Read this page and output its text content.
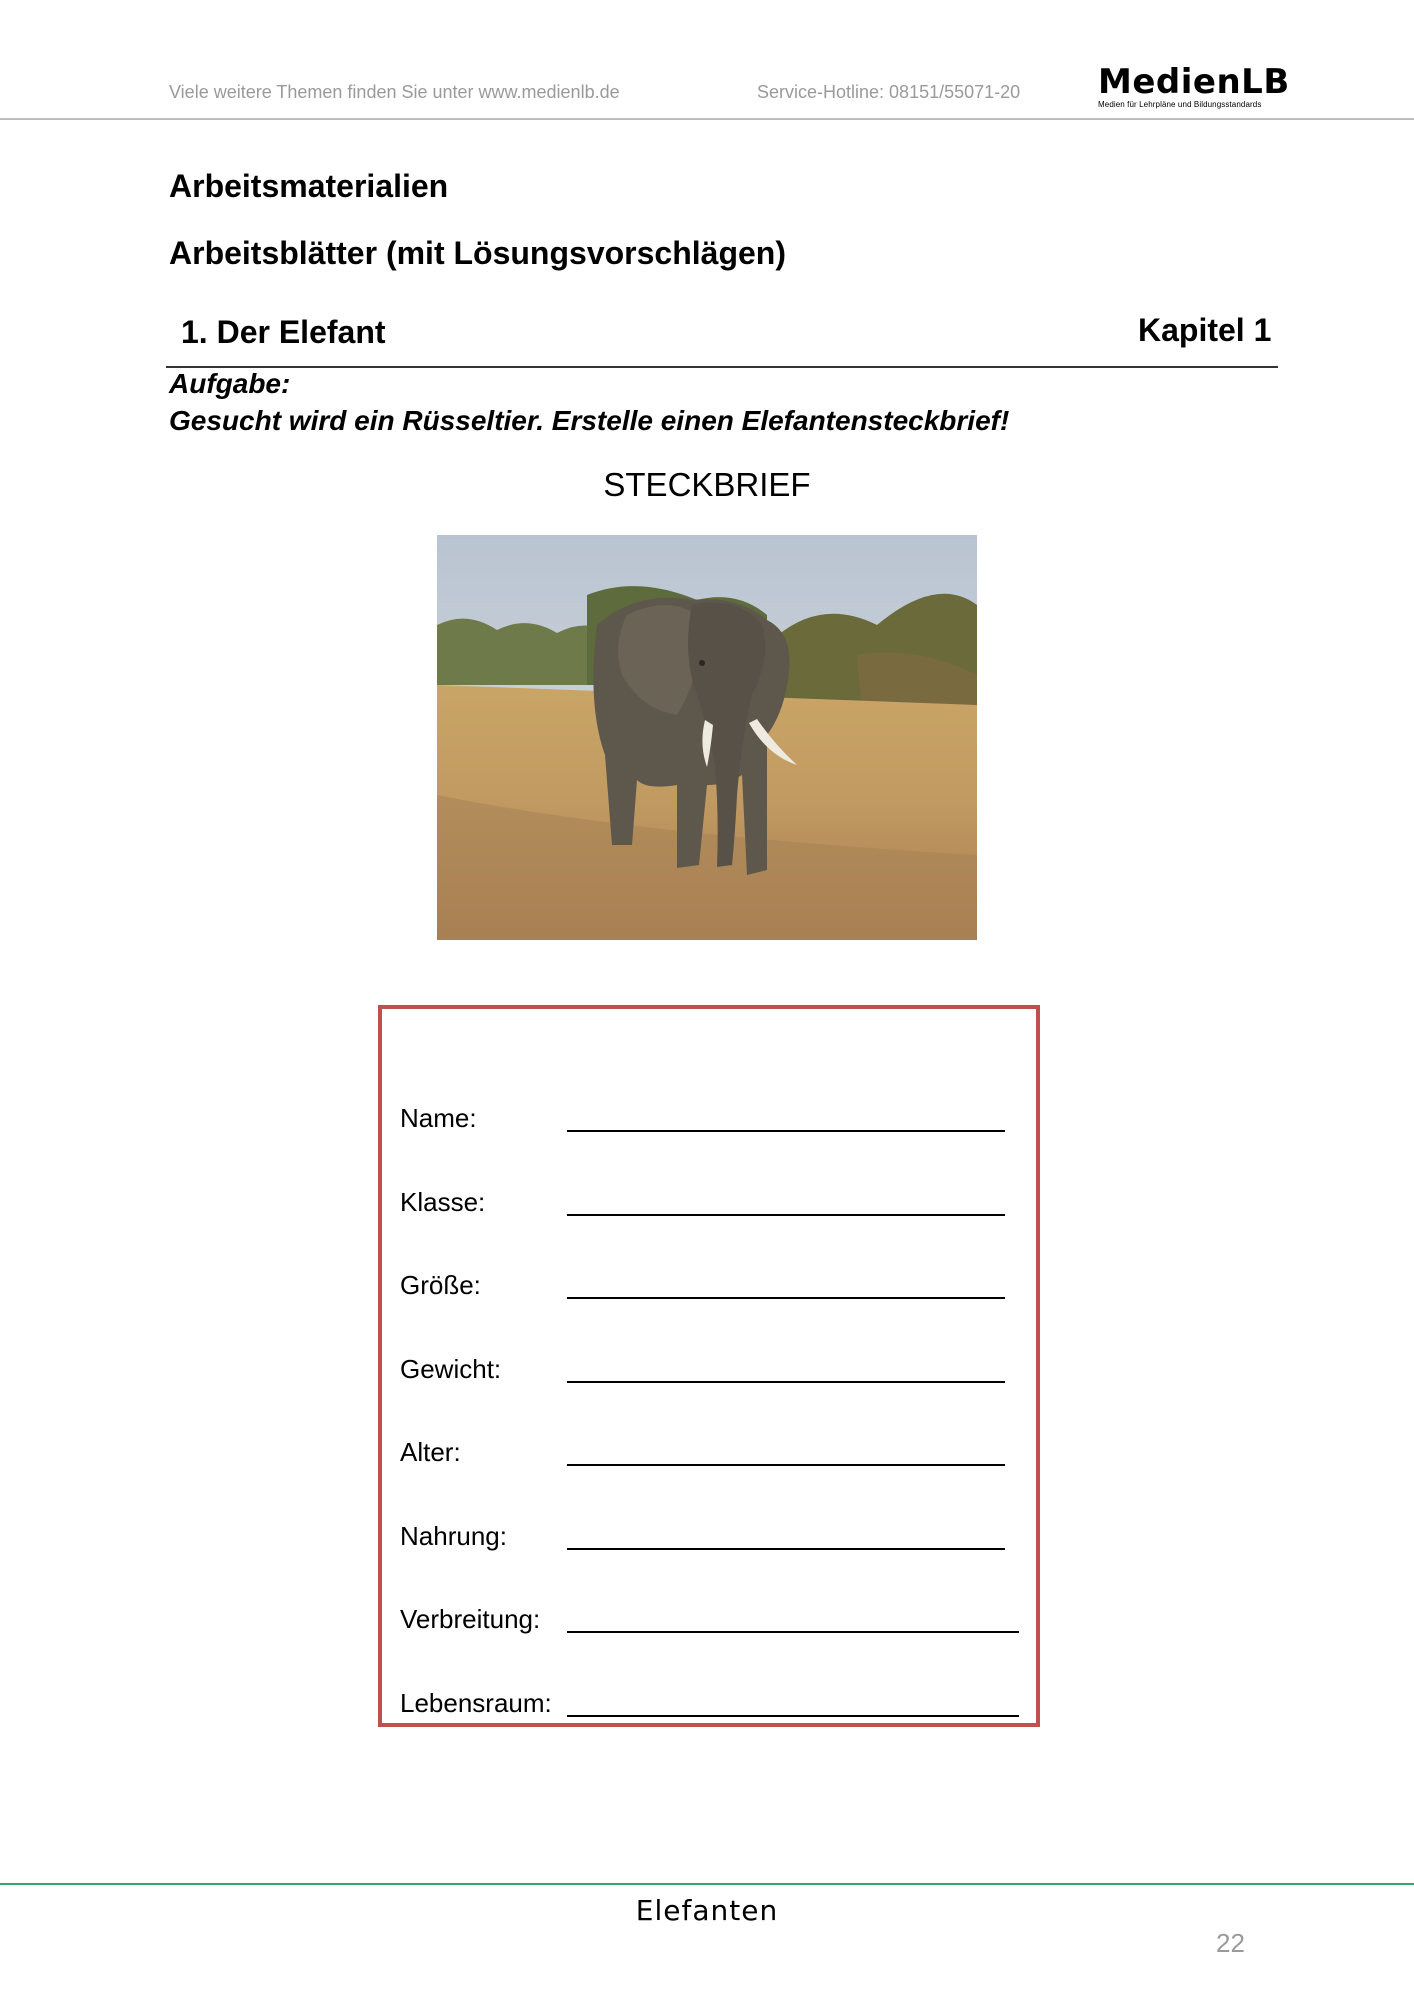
Viele weitere Themen finden Sie unter www.medienlb.de	Service-Hotline: 08151/55071-20 MedienLB
Medien für Lehrpläne und Bildungsstandards
Arbeitsmaterialien
Arbeitsblätter (mit Lösungsvorschlägen)
1. Der Elefant	Kapitel 1
Aufgabe:
Gesucht wird ein Rüsseltier. Erstelle einen Elefantensteckbrief!
STECKBRIEF
Name:
Klasse:
Größe:
Gewicht:
Alter:
Nahrung:
Verbreitung:
Lebensraum:
Elefanten
22
